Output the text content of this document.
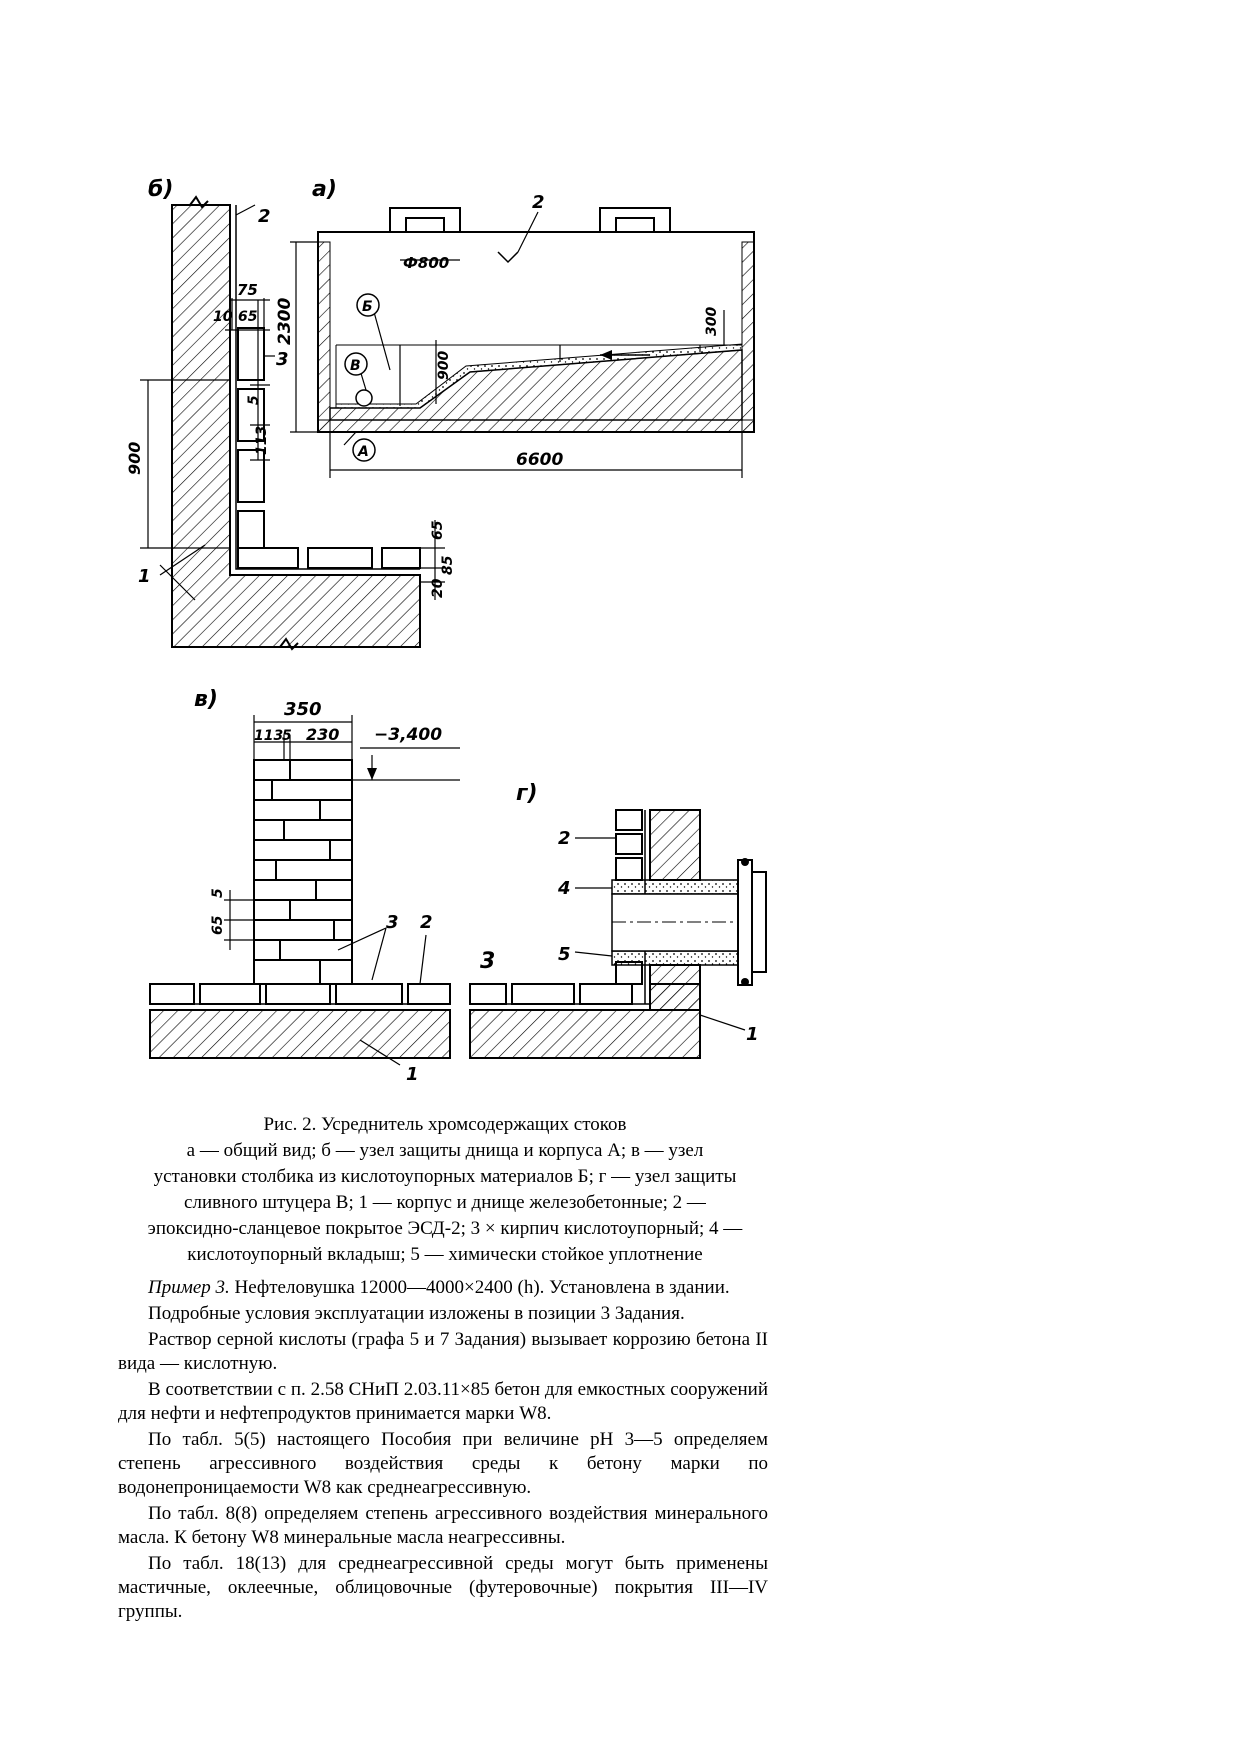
б)
2
75
10 65
3
5
113
900
65
85
20
1
а)
2
2300
6600
Ф800
900
300
Б
В
А
в)	350
113
5 230 −3,400
5
65	3 2
1
г)
2
4
5
3
1
Рис. 2. Усреднитель хромсодержащих стоков
а — общий вид; б — узел защиты днища и корпуса А; в — узел
установки столбика из кислотоупорных материалов Б; г — узел защиты
сливного штуцера В; 1 — корпус и днище железобетонные; 2 —
эпоксидно-сланцевое покрытое ЭСД-2; 3 × кирпич кислотоупорный; 4 —
кислотоупорный вкладыш; 5 — химически стойкое уплотнение

Пример 3. Нефтеловушка 12000—4000×2400 (h). Установлена в здании.

Подробные условия эксплуатации изложены в позиции 3 Задания.

Раствор серной кислоты (графа 5 и 7 Задания) вызывает коррозию бетона II вида — кислотную.

В соответствии с п. 2.58 СНиП 2.03.11×85 бетон для емкостных сооружений для нефти и нефтепродуктов принимается марки W8.

По табл. 5(5) настоящего Пособия при величине pH 3—5 определяем степень агрессивного воздействия среды к бетону марки по водонепроницаемости W8 как среднеагрессивную.

По табл. 8(8) определяем степень агрессивного воздействия минерального масла. К бетону W8 минеральные масла неагрессивны.

По табл. 18(13) для среднеагрессивной среды могут быть применены мастичные, оклеечные, облицовочные (футеровочные) покрытия III—IV группы.
